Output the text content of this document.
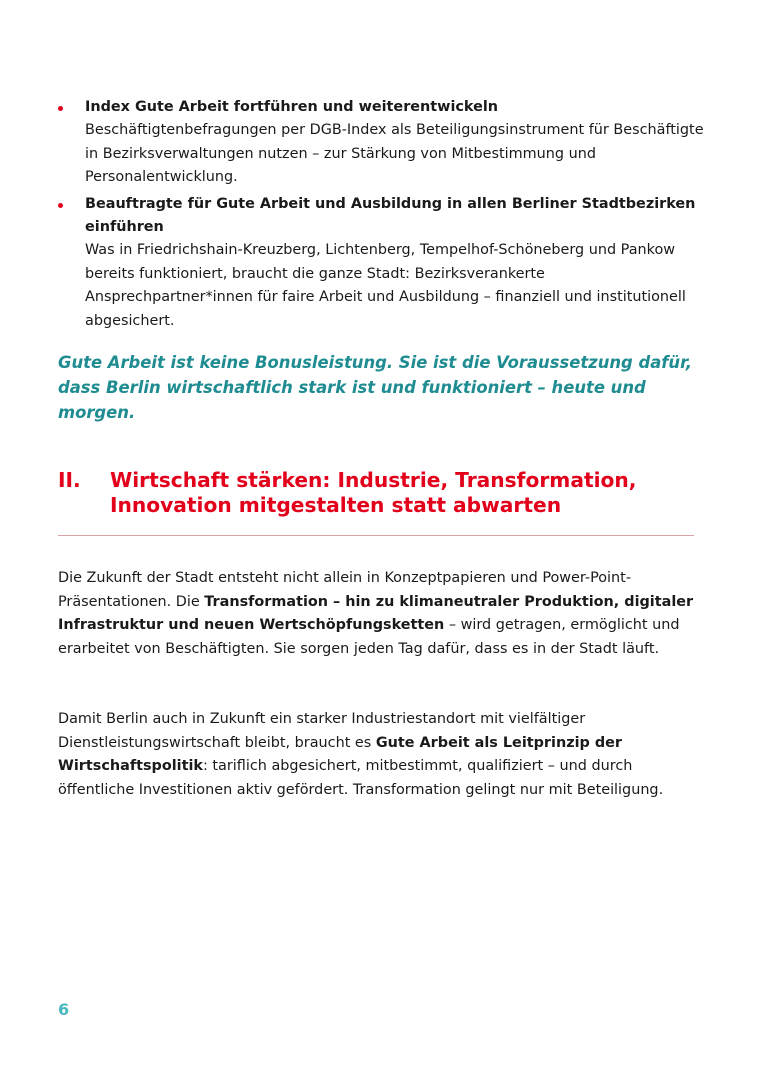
Index Gute Arbeit fortführen und weiterentwickeln
Beschäftigtenbefragungen per DGB-Index als Beteiligungsinstrument für Beschäftigte in Bezirksverwaltungen nutzen – zur Stärkung von Mitbestimmung und Personalentwicklung.
Beauftragte für Gute Arbeit und Ausbildung in allen Berliner Stadtbezirken einführen
Was in Friedrichshain-Kreuzberg, Lichtenberg, Tempelhof-Schöneberg und Pankow bereits funktioniert, braucht die ganze Stadt: Bezirksverankerte Ansprechpartner*innen für faire Arbeit und Ausbildung – finanziell und institutionell abgesichert.
Gute Arbeit ist keine Bonusleistung. Sie ist die Voraussetzung dafür, dass Berlin wirtschaftlich stark ist und funktioniert – heute und morgen.
II. Wirtschaft stärken: Industrie, Transformation, Innovation mitgestalten statt abwarten

Die Zukunft der Stadt entsteht nicht allein in Konzeptpapieren und Power-Point-Präsentationen. Die Transformation – hin zu klimaneutraler Produktion, digitaler Infrastruktur und neuen Wertschöpfungsketten – wird getragen, ermöglicht und erarbeitet von Beschäftigten. Sie sorgen jeden Tag dafür, dass es in der Stadt läuft.

Damit Berlin auch in Zukunft ein starker Industriestandort mit vielfältiger Dienstleistungswirtschaft bleibt, braucht es Gute Arbeit als Leitprinzip der Wirtschaftspolitik: tariflich abgesichert, mitbestimmt, qualifiziert – und durch öffentliche Investitionen aktiv gefördert. Transformation gelingt nur mit Beteiligung.

6
